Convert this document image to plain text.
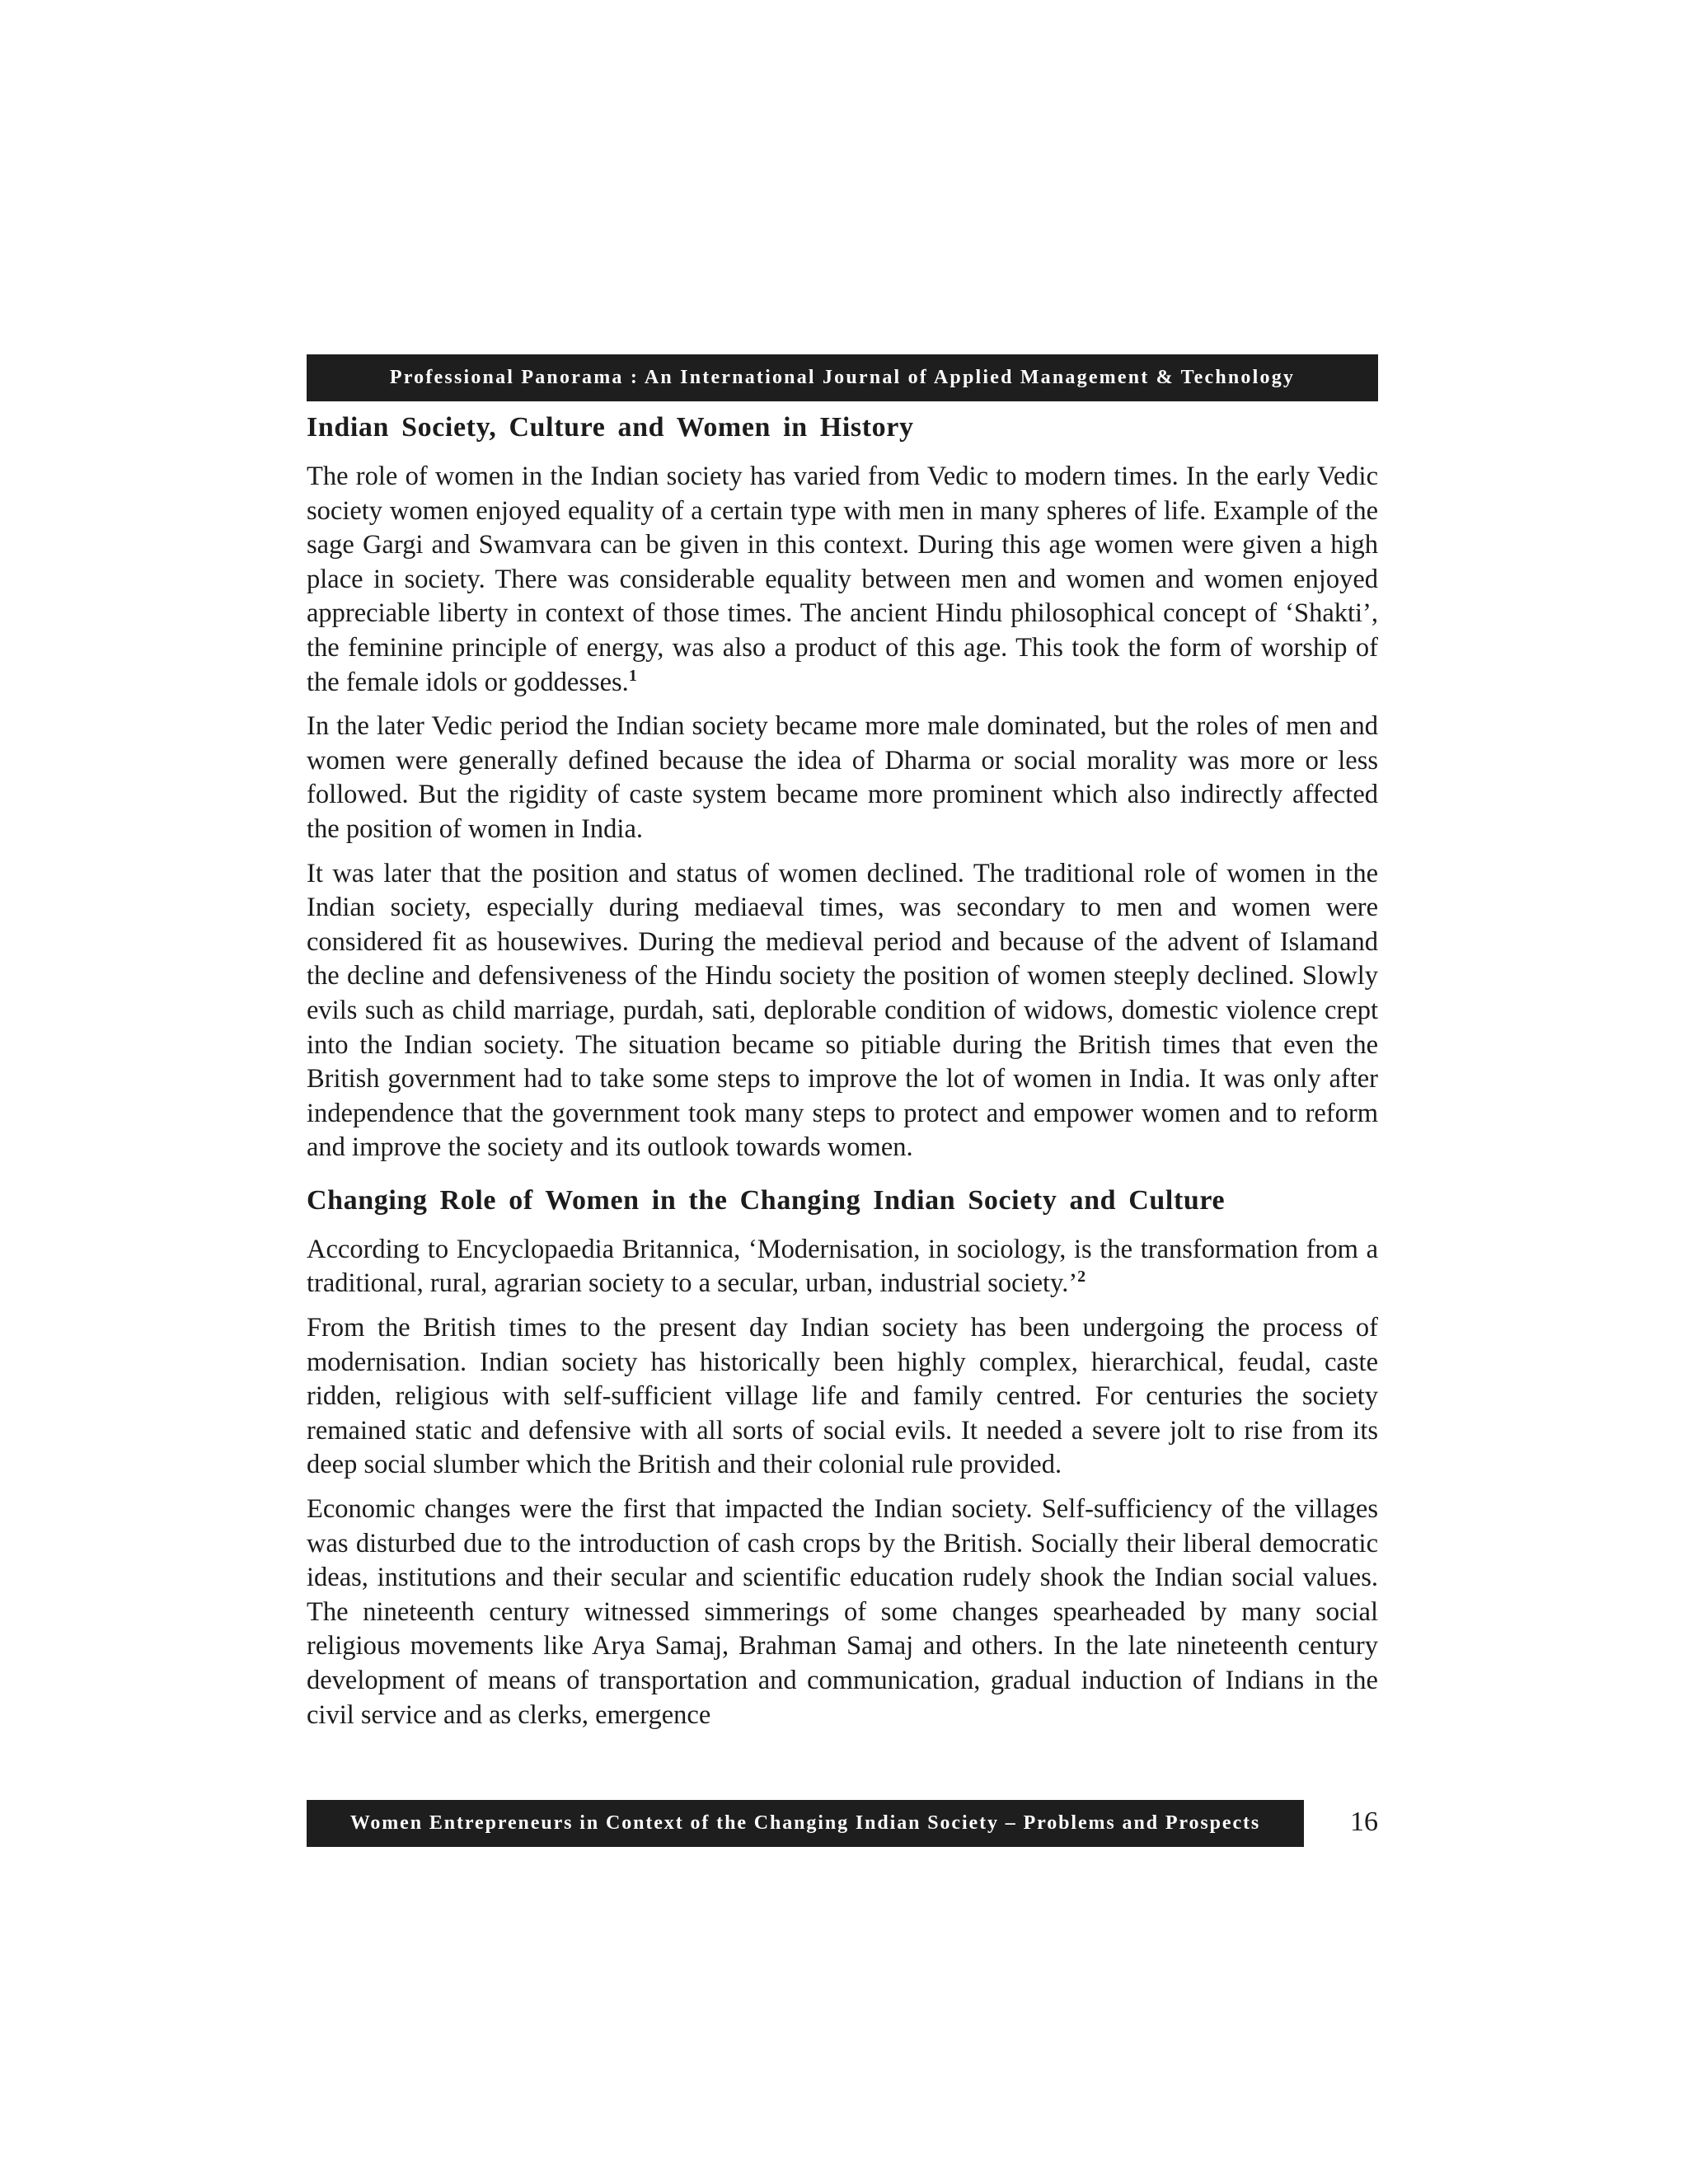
Professional Panorama : An International Journal of Applied Management & Technology
Indian Society, Culture and Women in History

The role of women in the Indian society has varied from Vedic to modern times. In the early Vedic society women enjoyed equality of a certain type with men in many spheres of life. Example of the sage Gargi and Swamvara can be given in this context. During this age women were given a high place in society. There was considerable equality between men and women and women enjoyed appreciable liberty in context of those times. The ancient Hindu philosophical concept of ‘Shakti’, the feminine principle of energy, was also a product of this age. This took the form of worship of the female idols or goddesses.$^1$

In the later Vedic period the Indian society became more male dominated, but the roles of men and women were generally defined because the idea of Dharma or social morality was more or less followed. But the rigidity of caste system became more prominent which also indirectly affected the position of women in India.

It was later that the position and status of women declined. The traditional role of women in the Indian society, especially during mediaeval times, was secondary to men and women were considered fit as housewives. During the medieval period and because of the advent of Islamand the decline and defensiveness of the Hindu society the position of women steeply declined. Slowly evils such as child marriage, purdah, sati, deplorable condition of widows, domestic violence crept into the Indian society. The situation became so pitiable during the British times that even the British government had to take some steps to improve the lot of women in India. It was only after independence that the government took many steps to protect and empower women and to reform and improve the society and its outlook towards women.

Changing Role of Women in the Changing Indian Society and Culture

According to Encyclopaedia Britannica, ‘Modernisation, in sociology, is the transformation from a traditional, rural, agrarian society to a secular, urban, industrial society.’$^2$

From the British times to the present day Indian society has been undergoing the process of modernisation. Indian society has historically been highly complex, hierarchical, feudal, caste ridden, religious with self-sufficient village life and family centred. For centuries the society remained static and defensive with all sorts of social evils. It needed a severe jolt to rise from its deep social slumber which the British and their colonial rule provided.

Economic changes were the first that impacted the Indian society. Self-sufficiency of the villages was disturbed due to the introduction of cash crops by the British. Socially their liberal democratic ideas, institutions and their secular and scientific education rudely shook the Indian social values. The nineteenth century witnessed simmerings of some changes spearheaded by many social religious movements like Arya Samaj, Brahman Samaj and others. In the late nineteenth century development of means of transportation and communication, gradual induction of Indians in the civil service and as clerks, emergence

Women Entrepreneurs in Context of the Changing Indian Society – Problems and Prospects	16
